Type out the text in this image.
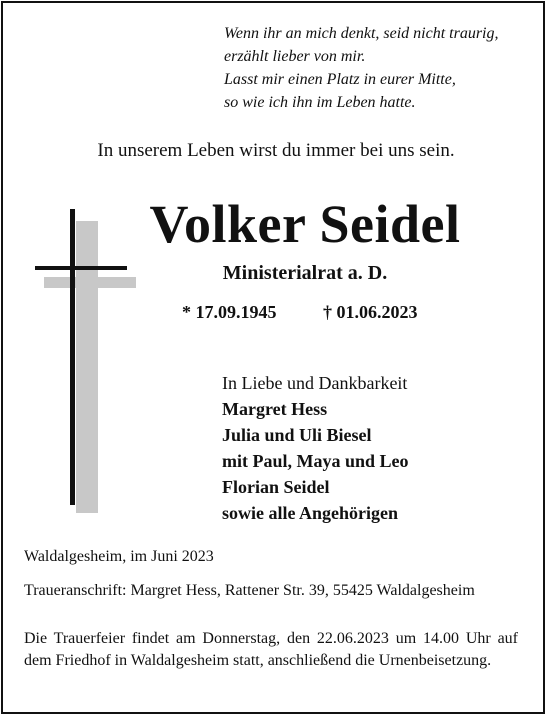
Wenn ihr an mich denkt, seid nicht traurig,
erzählt lieber von mir.
Lasst mir einen Platz in eurer Mitte,
so wie ich ihn im Leben hatte.
In unserem Leben wirst du immer bei uns sein.
Volker Seidel
Ministerialrat a. D.
* 17.09.1945	† 01.06.2023
In Liebe und Dankbarkeit
Margret Hess
Julia und Uli Biesel
mit Paul, Maya und Leo
Florian Seidel
sowie alle Angehörigen
Waldalgesheim, im Juni 2023
Traueranschrift: Margret Hess, Rattener Str. 39, 55425 Waldalgesheim
Die Trauerfeier findet am Donnerstag, den 22.06.2023 um 14.00 Uhr auf dem Friedhof in Waldalgesheim statt, anschließend die Urnenbeisetzung.
